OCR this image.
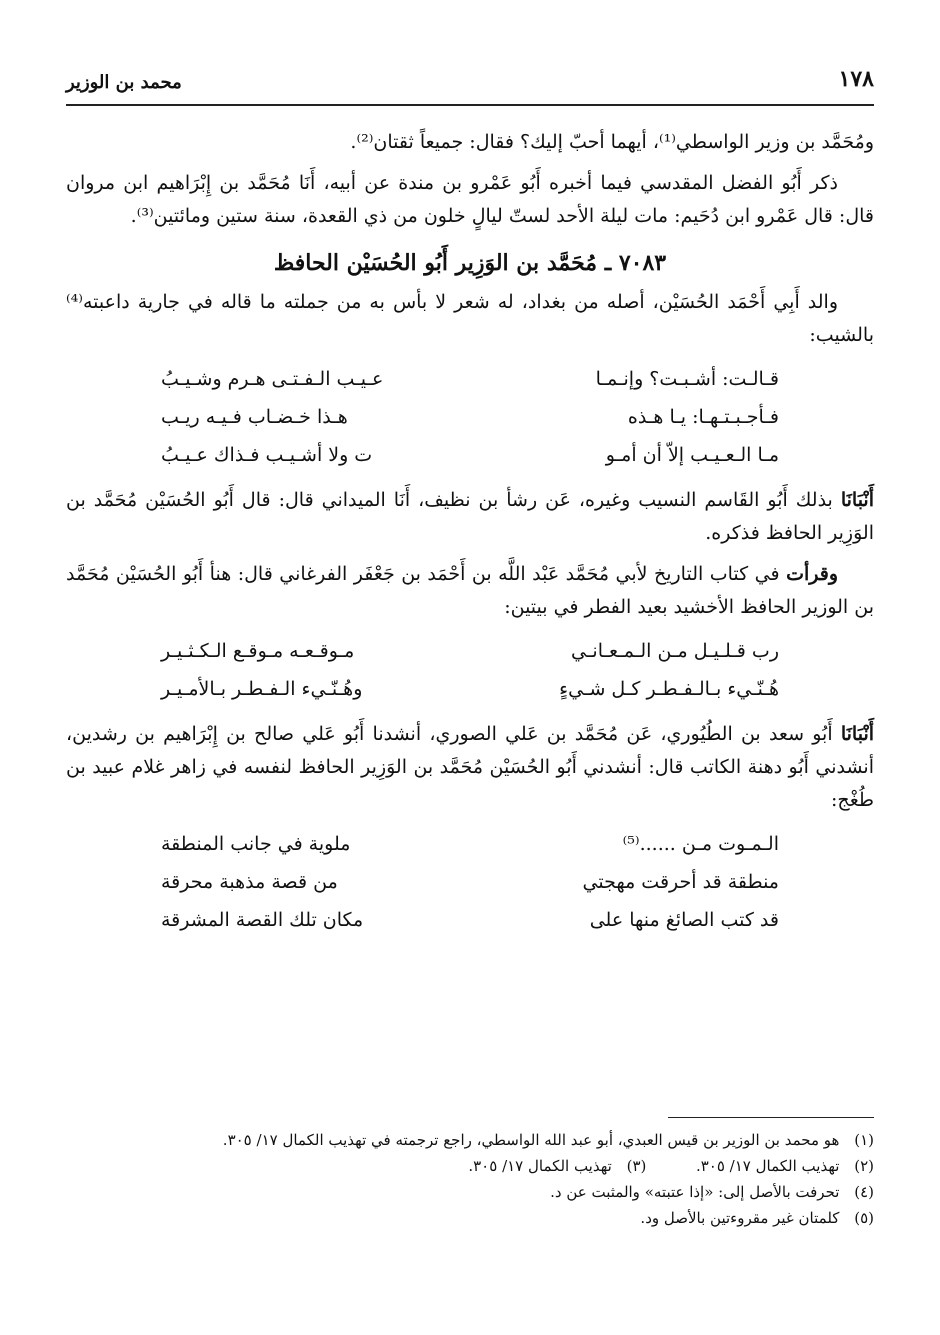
١٧٨
محمد بن الوزير

ومُحَمَّد بن وزير الواسطي⁽¹⁾، أيهما أحبّ إليك؟ فقال: جميعاً ثقتان⁽²⁾.

ذكر أَبُو الفضل المقدسي فيما أخبره أَبُو عَمْرو بن مندة عن أبيه، أَنَا مُحَمَّد بن إِبْرَاهيم ابن مروان قال: قال عَمْرو ابن دُحَيم: مات ليلة الأحد لستّ ليالٍ خلون من ذي القعدة، سنة ستين ومائتين⁽³⁾.

٧٠٨٣ ـ مُحَمَّد بن الوَزِير أَبُو الحُسَيْن الحافظ

والد أَبِي أَحْمَد الحُسَيْن، أصله من بغداد، له شعر لا بأس به من جملته ما قاله في جارية داعبته⁽⁴⁾ بالشيب:

قـالـت: أشـبـت؟ وإنـمـا
عـيـب الـفـتـى هـرم وشـيـبُ
فـأجـبـتـهـا: يـا هـذه
هـذا خـضـاب فـيـه ريـب
مـا الـعـيـب إلاّ أن أمـو
ت ولا أشـيـب فـذاك عـيـبُ

أَنْبَانَا بذلك أَبُو القَاسم النسيب وغيره، عَن رشأ بن نظيف، أَنَا الميداني قال: قال أَبُو الحُسَيْن مُحَمَّد بن الوَزِير الحافظ فذكره.

وقرأت في كتاب التاريخ لأبي مُحَمَّد عَبْد اللَّه بن أَحْمَد بن جَعْفَر الفرغاني قال: هنأ أَبُو الحُسَيْن مُحَمَّد بن الوزير الحافظ الأخشيد بعيد الفطر في بيتين:

رب قـلـيـل مـن الـمـعـانـي
مـوقـعـه مـوقـع الـكـثـيـر
هُـنّـيء بـالـفـطـر كـل شـيءٍ
وهُـنّـيء الـفـطـر بـالأمـيـر

أَنْبَانَا أَبُو سعد بن الطُيُوري، عَن مُحَمَّد بن عَلي الصوري، أنشدنا أَبُو عَلي صالح بن إِبْرَاهيم بن رشدين، أنشدني أَبُو دهنة الكاتب قال: أنشدني أَبُو الحُسَيْن مُحَمَّد بن الوَزِير الحافظ لنفسه في زاهر غلام عبيد بن طُغْج:

الـمـوت مـن ......⁽⁵⁾
ملوية في جانب المنطقة
منطقة قد أحرقت مهجتي
من قصة مذهبة محرقة
قد كتب الصائغ منها على
مكان تلك القصة المشرقة
(١) هو محمد بن الوزير بن قيس العبدي، أبو عبد الله الواسطي، راجع ترجمته في تهذيب الكمال ١٧/ ٣٠٥.
(٢) تهذيب الكمال ١٧/ ٣٠٥.  (٣) تهذيب الكمال ١٧/ ٣٠٥.
(٤) تحرفت بالأصل إلى: «إذا عتبته» والمثبت عن د.
(٥) كلمتان غير مقروءتين بالأصل ود.
